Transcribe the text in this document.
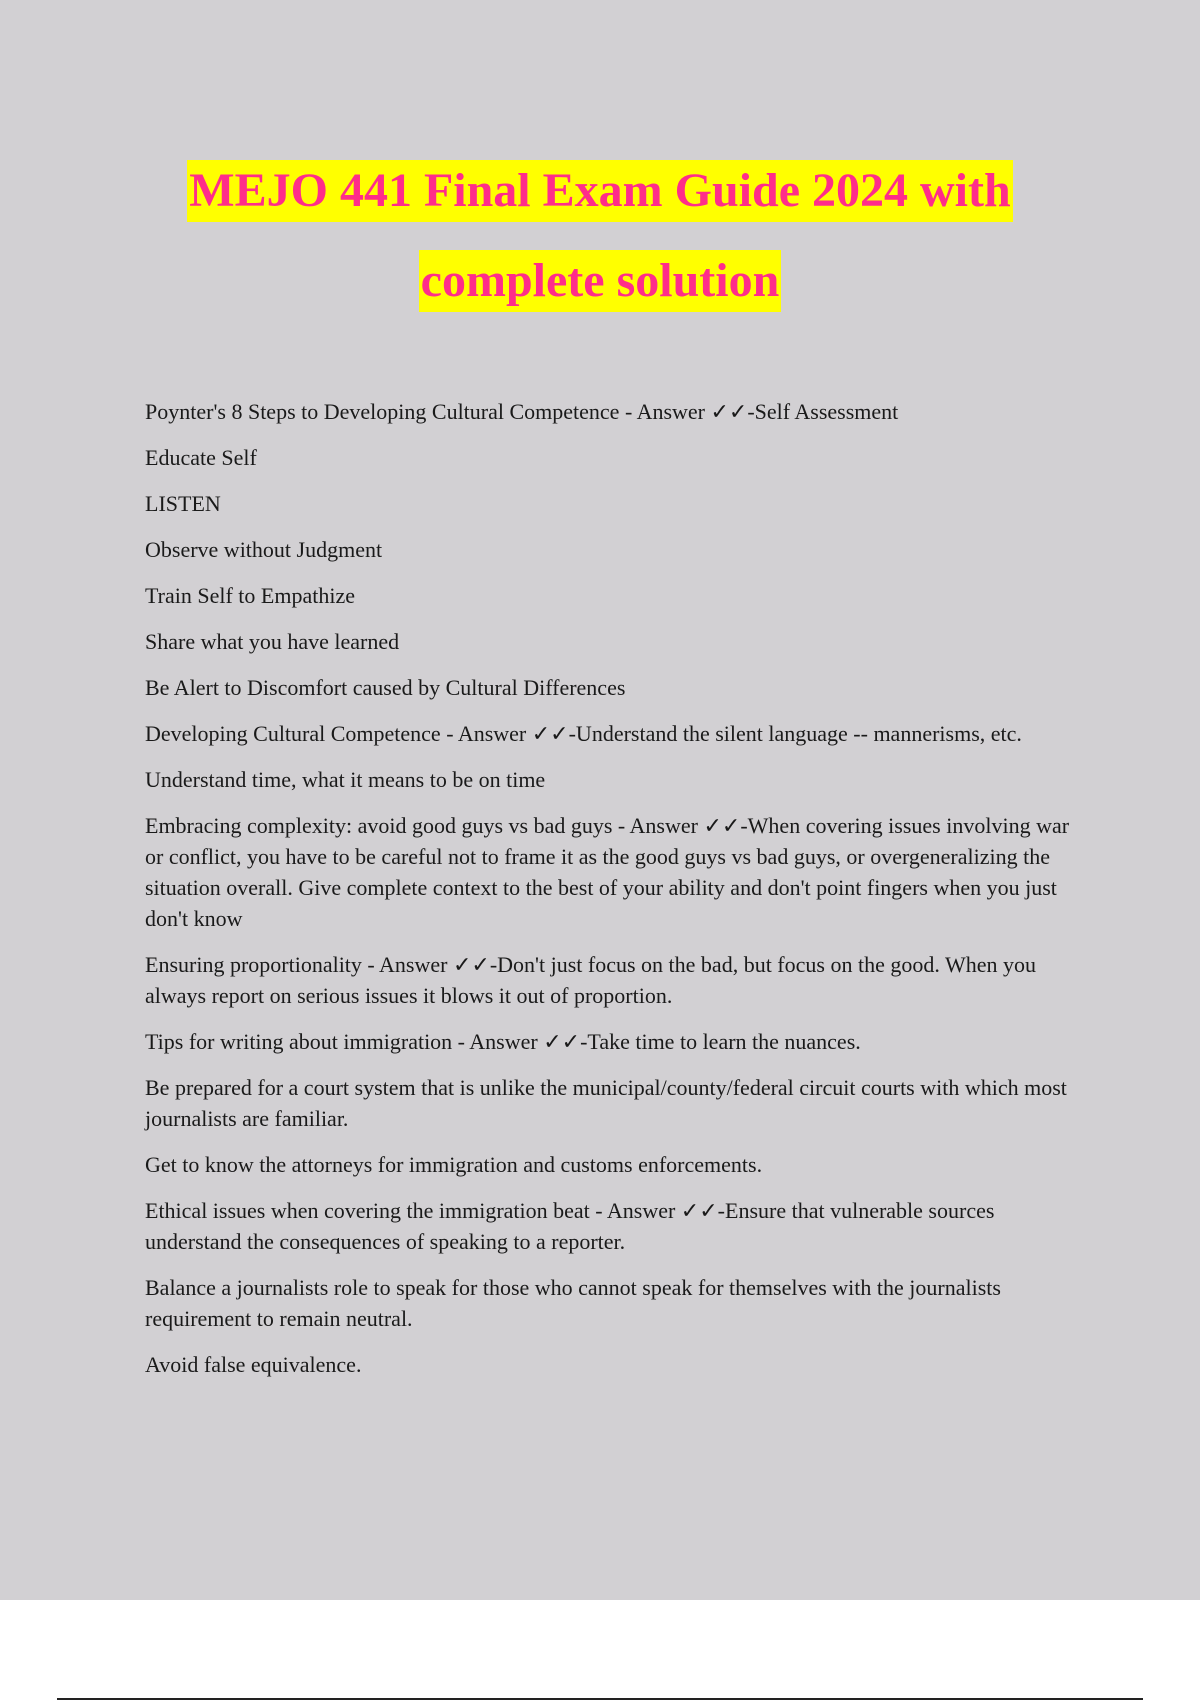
MEJO 441 Final Exam Guide 2024 with
complete solution

Poynter's 8 Steps to Developing Cultural Competence - Answer ✓✓-Self Assessment

Educate Self

LISTEN

Observe without Judgment

Train Self to Empathize

Share what you have learned

Be Alert to Discomfort caused by Cultural Differences

Developing Cultural Competence - Answer ✓✓-Understand the silent language -- mannerisms, etc.

Understand time, what it means to be on time

Embracing complexity: avoid good guys vs bad guys - Answer ✓✓-When covering issues involving war or conflict, you have to be careful not to frame it as the good guys vs bad guys, or overgeneralizing the situation overall. Give complete context to the best of your ability and don't point fingers when you just don't know

Ensuring proportionality - Answer ✓✓-Don't just focus on the bad, but focus on the good. When you always report on serious issues it blows it out of proportion.

Tips for writing about immigration - Answer ✓✓-Take time to learn the nuances.

Be prepared for a court system that is unlike the municipal/county/federal circuit courts with which most journalists are familiar.

Get to know the attorneys for immigration and customs enforcements.

Ethical issues when covering the immigration beat - Answer ✓✓-Ensure that vulnerable sources understand the consequences of speaking to a reporter.

Balance a journalists role to speak for those who cannot speak for themselves with the journalists requirement to remain neutral.

Avoid false equivalence.
